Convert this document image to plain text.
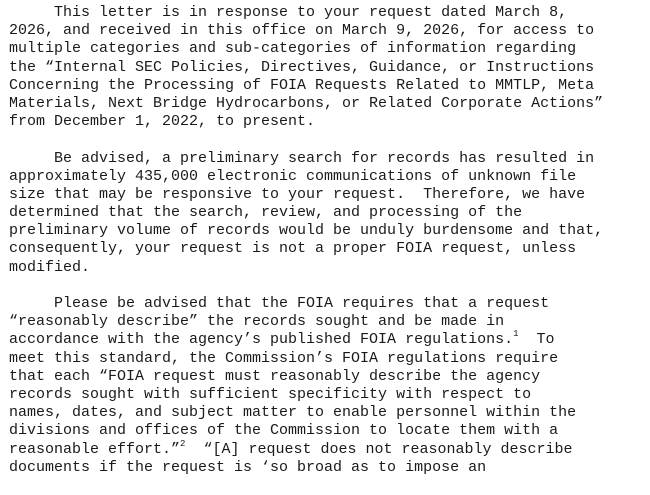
This letter is in response to your request dated March 8,
2026, and received in this office on March 9, 2026, for access to
multiple categories and sub-categories of information regarding
the “Internal SEC Policies, Directives, Guidance, or Instructions
Concerning the Processing of FOIA Requests Related to MMTLP, Meta
Materials, Next Bridge Hydrocarbons, or Related Corporate Actions”
from December 1, 2022, to present.
Be advised, a preliminary search for records has resulted in
approximately 435,000 electronic communications of unknown file
size that may be responsive to your request.  Therefore, we have
determined that the search, review, and processing of the
preliminary volume of records would be unduly burdensome and that,
consequently, your request is not a proper FOIA request, unless
modified.
Please be advised that the FOIA requires that a request
“reasonably describe” the records sought and be made in
accordance with the agency’s published FOIA regulations.$^1$  To
meet this standard, the Commission’s FOIA regulations require
that each “FOIA request must reasonably describe the agency
records sought with sufficient specificity with respect to
names, dates, and subject matter to enable personnel within the
divisions and offices of the Commission to locate them with a
reasonable effort.”$^2$  “[A] request does not reasonably describe
documents if the request is ‘so broad as to impose an
